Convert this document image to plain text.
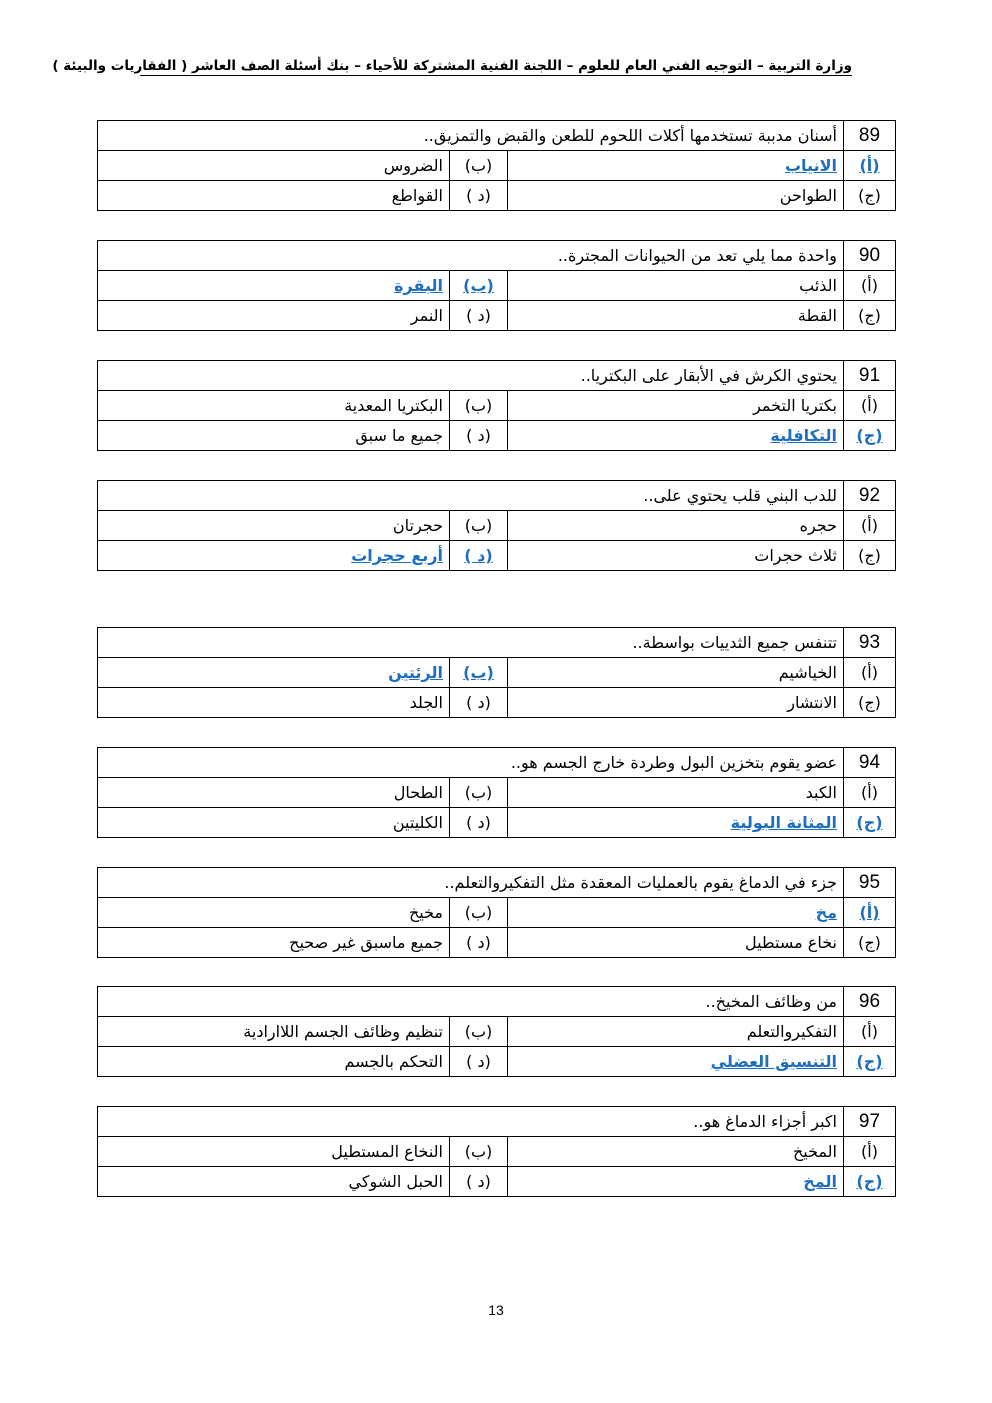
وزارة التربية – التوجيه الفني العام للعلوم – اللجنة الفنية المشتركة للأحياء – بنك أسئلة الصف العاشر ( الفقاريات والبيئة )
89	أسنان مدببة تستخدمها أكلات اللحوم للطعن والقبض والتمزيق..		
(أ)	الانياب	(ب)	الضروس
(ج)	الطواحن	(د )	القواطع
90	واحدة مما يلي تعد من الحيوانات المجترة..		
(أ)	الذئب	(ب)	البقرة
(ج)	القطة	(د )	النمر
91	يحتوي الكرش في الأبقار على البكتريا..		
(أ)	بكتريا التخمر	(ب)	البكتريا المعدية
(ج)	التكافلية	(د )	جميع ما سبق
92	للدب البني قلب يحتوي على..		
(أ)	حجره	(ب)	حجرتان
(ج)	ثلاث حجرات	(د )	أربع حجرات
93	تتنفس جميع الثدييات بواسطة..		
(أ)	الخياشيم	(ب)	الرئتين
(ج)	الانتشار	(د )	الجلد
94	عضو يقوم بتخزين البول وطردة خارج الجسم هو..		
(أ)	الكبد	(ب)	الطحال
(ج)	المثانة البولية	(د )	الكليتين
95	جزء في الدماغ يقوم بالعمليات المعقدة مثل التفكيروالتعلم..		
(أ)	مخ	(ب)	مخيخ
(ج)	نخاع مستطيل	(د )	جميع ماسبق غير صحيح
96	من وظائف المخيخ..		
(أ)	التفكيروالتعلم	(ب)	تنظيم وظائف الجسم اللاارادية
(ج)	التنسيق العضلي	(د )	التحكم بالجسم
97	اكبر أجزاء الدماغ هو..		
(أ)	المخيخ	(ب)	النخاع المستطيل
(ج)	المخ	(د )	الحبل الشوكي
13
